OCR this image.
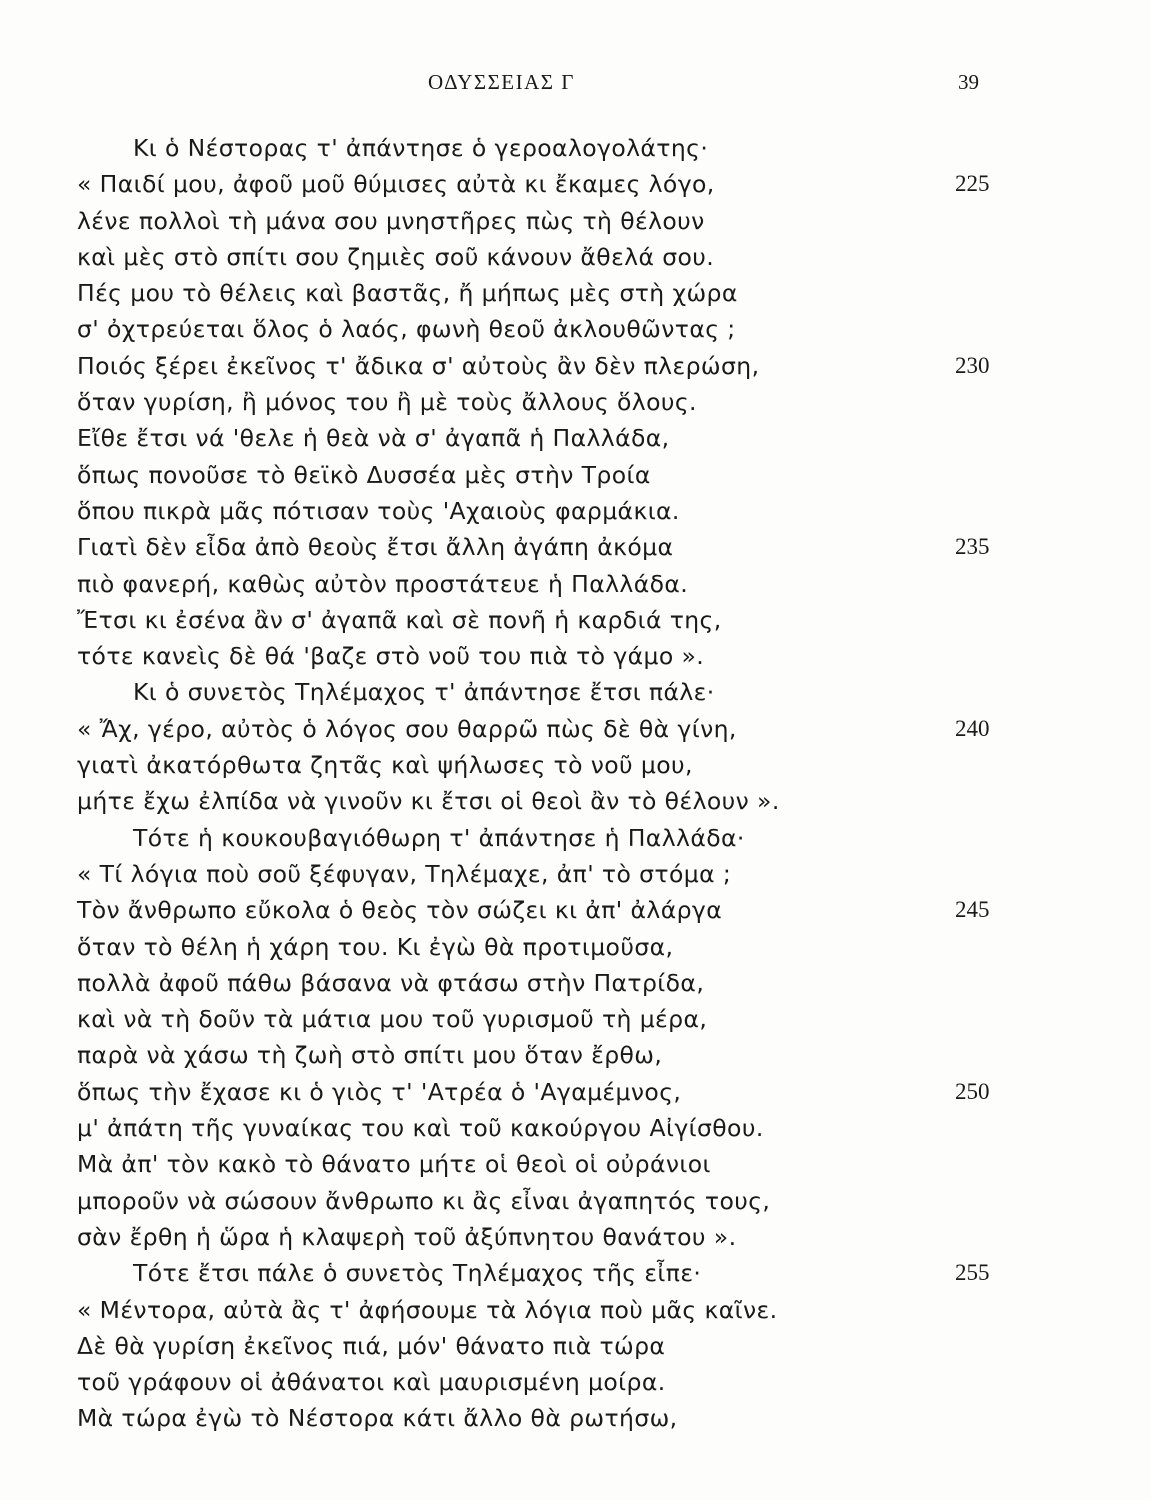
ΟΔΥΣΣΕΙΑΣ Γ	39
Κι ὁ Νέστορας τ' ἀπάντησε ὁ γεροαλογολάτης·
« Παιδί μου, ἀφοῦ μοῦ θύμισες αὐτὰ κι ἔκαμες λόγο,	225
λένε πολλοὶ τὴ μάνα σου μνηστῆρες πὼς τὴ θέλουν
καὶ μὲς στὸ σπίτι σου ζημιὲς σοῦ κάνουν ἄθελά σου.
Πές μου τὸ θέλεις καὶ βαστᾶς, ἤ μήπως μὲς στὴ χώρα
σ' ὀχτρεύεται ὅλος ὁ λαός, φωνὴ θεοῦ ἀκλουθῶντας ;
Ποιός ξέρει ἐκεῖνος τ' ἄδικα σ' αὐτοὺς ἂν δὲν πλερώση,	230
ὅταν γυρίση, ἢ μόνος του ἢ μὲ τοὺς ἄλλους ὅλους.
Εἴθε ἔτσι νά 'θελε ἡ θεὰ νὰ σ' ἀγαπᾶ ἡ Παλλάδα,
ὅπως πονοῦσε τὸ θεϊκὸ Δυσσέα μὲς στὴν Τροία
ὅπου πικρὰ μᾶς πότισαν τοὺς 'Αχαιοὺς φαρμάκια.
Γιατὶ δὲν εἶδα ἀπὸ θεοὺς ἔτσι ἄλλη ἀγάπη ἀκόμα	235
πιὸ φανερή, καθὼς αὐτὸν προστάτευε ἡ Παλλάδα.
Ἔτσι κι ἐσένα ἂν σ' ἀγαπᾶ καὶ σὲ πονῆ ἡ καρδιά της,
τότε κανεὶς δὲ θά 'βαζε στὸ νοῦ του πιὰ τὸ γάμο ».
Κι ὁ συνετὸς Τηλέμαχος τ' ἀπάντησε ἔτσι πάλε·
« Ἄχ, γέρο, αὐτὸς ὁ λόγος σου θαρρῶ πὼς δὲ θὰ γίνη,	240
γιατὶ ἀκατόρθωτα ζητᾶς καὶ ψήλωσες τὸ νοῦ μου,
μήτε ἔχω ἐλπίδα νὰ γινοῦν κι ἔτσι οἱ θεοὶ ἂν τὸ θέλουν ».
Τότε ἡ κουκουβαγιόθωρη τ' ἀπάντησε ἡ Παλλάδα·
« Τί λόγια ποὺ σοῦ ξέφυγαν, Τηλέμαχε, ἀπ' τὸ στόμα ;
Τὸν ἄνθρωπο εὔκολα ὁ θεὸς τὸν σώζει κι ἀπ' ἀλάργα	245
ὅταν τὸ θέλη ἡ χάρη του. Κι ἐγὼ θὰ προτιμοῦσα,
πολλὰ ἀφοῦ πάθω βάσανα νὰ φτάσω στὴν Πατρίδα,
καὶ νὰ τὴ δοῦν τὰ μάτια μου τοῦ γυρισμοῦ τὴ μέρα,
παρὰ νὰ χάσω τὴ ζωὴ στὸ σπίτι μου ὅταν ἔρθω,
ὅπως τὴν ἔχασε κι ὁ γιὸς τ' 'Ατρέα ὁ 'Αγαμέμνος,	250
μ' ἀπάτη τῆς γυναίκας του καὶ τοῦ κακούργου Αἰγίσθου.
Μὰ ἀπ' τὸν κακὸ τὸ θάνατο μήτε οἱ θεοὶ οἱ οὐράνιοι
μποροῦν νὰ σώσουν ἄνθρωπο κι ἂς εἶναι ἀγαπητός τους,
σὰν ἔρθη ἡ ὥρα ἡ κλαψερὴ τοῦ ἀξύπνητου θανάτου ».
Τότε ἔτσι πάλε ὁ συνετὸς Τηλέμαχος τῆς εἶπε·	255
« Μέντορα, αὐτὰ ἂς τ' ἀφήσουμε τὰ λόγια ποὺ μᾶς καῖνε.
Δὲ θὰ γυρίση ἐκεῖνος πιά, μόν' θάνατο πιὰ τώρα
τοῦ γράφουν οἱ ἀθάνατοι καὶ μαυρισμένη μοίρα.
Μὰ τώρα ἐγὼ τὸ Νέστορα κάτι ἄλλο θὰ ρωτήσω,
